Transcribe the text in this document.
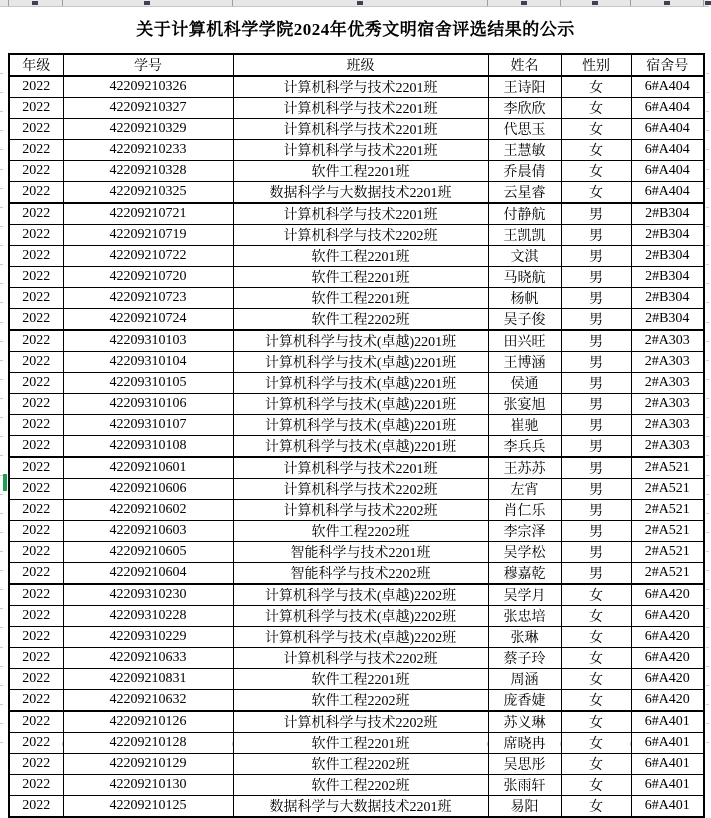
关于计算机科学学院2024年优秀文明宿舍评选结果的公示
年级	学号	班级	姓名	性别	宿舍号
2022	42209210326	计算机科学与技术2201班	王诗阳	女	6#A404
2022	42209210327	计算机科学与技术2201班	李欣欣	女	6#A404
2022	42209210329	计算机科学与技术2201班	代思玉	女	6#A404
2022	42209210233	计算机科学与技术2201班	王慧敏	女	6#A404
2022	42209210328	软件工程2201班	乔晨倩	女	6#A404
2022	42209210325	数据科学与大数据技术2201班	云星睿	女	6#A404
2022	42209210721	计算机科学与技术2201班	付静航	男	2#B304
2022	42209210719	计算机科学与技术2202班	王凯凯	男	2#B304
2022	42209210722	软件工程2201班	文淇	男	2#B304
2022	42209210720	软件工程2201班	马晓航	男	2#B304
2022	42209210723	软件工程2201班	杨帆	男	2#B304
2022	42209210724	软件工程2202班	吴子俊	男	2#B304
2022	42209310103	计算机科学与技术(卓越)2201班	田兴旺	男	2#A303
2022	42209310104	计算机科学与技术(卓越)2201班	王博涵	男	2#A303
2022	42209310105	计算机科学与技术(卓越)2201班	侯通	男	2#A303
2022	42209310106	计算机科学与技术(卓越)2201班	张宴旭	男	2#A303
2022	42209310107	计算机科学与技术(卓越)2201班	崔驰	男	2#A303
2022	42209310108	计算机科学与技术(卓越)2201班	李兵兵	男	2#A303
2022	42209210601	计算机科学与技术2201班	王苏苏	男	2#A521
2022	42209210606	计算机科学与技术2202班	左宵	男	2#A521
2022	42209210602	计算机科学与技术2202班	肖仁乐	男	2#A521
2022	42209210603	软件工程2202班	李宗泽	男	2#A521
2022	42209210605	智能科学与技术2201班	吴学松	男	2#A521
2022	42209210604	智能科学与技术2202班	穆嘉乾	男	2#A521
2022	42209310230	计算机科学与技术(卓越)2202班	吴学月	女	6#A420
2022	42209310228	计算机科学与技术(卓越)2202班	张忠培	女	6#A420
2022	42209310229	计算机科学与技术(卓越)2202班	张琳	女	6#A420
2022	42209210633	计算机科学与技术2202班	蔡子玲	女	6#A420
2022	42209210831	软件工程2201班	周涵	女	6#A420
2022	42209210632	软件工程2202班	庞香婕	女	6#A420
2022	42209210126	计算机科学与技术2202班	苏义琳	女	6#A401
2022	42209210128	软件工程2201班	席晓冉	女	6#A401
2022	42209210129	软件工程2202班	吴思彤	女	6#A401
2022	42209210130	软件工程2202班	张雨轩	女	6#A401
2022	42209210125	数据科学与大数据技术2201班	易阳	女	6#A401
